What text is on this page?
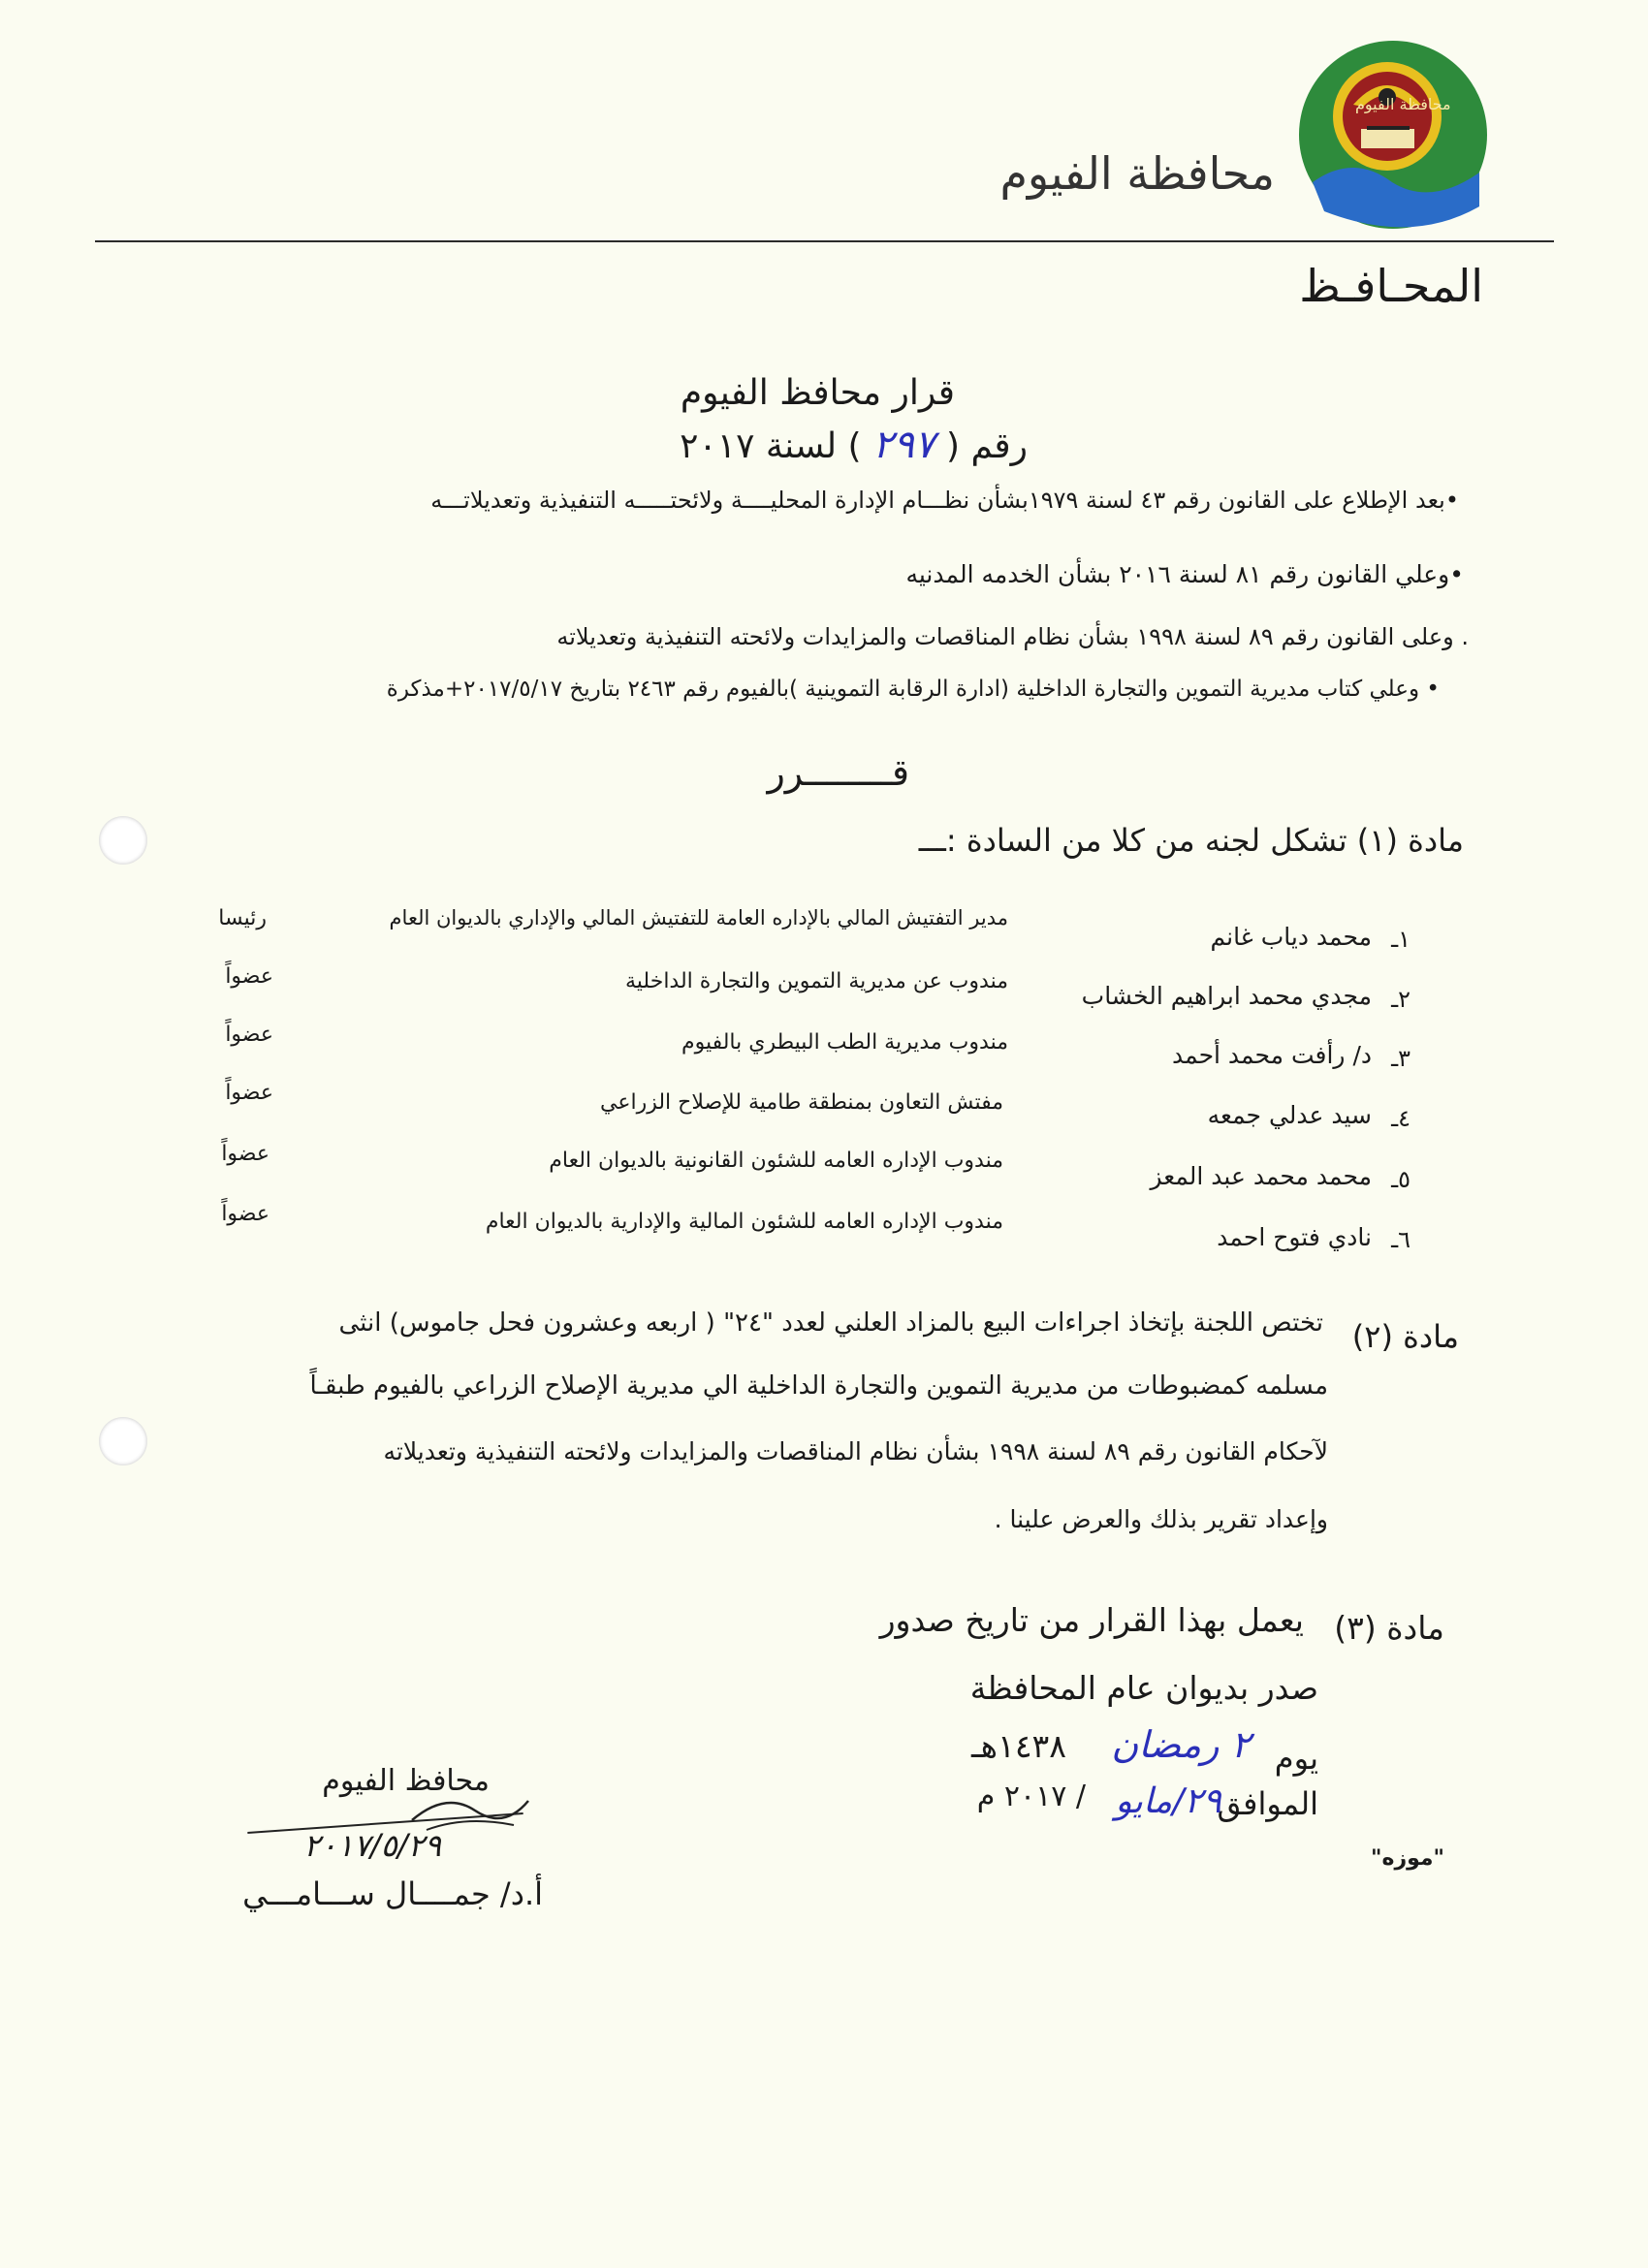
محافظة الفيوم
محافظة الفيوم
المحـافـظ
قرار محافظ الفيوم
رقم ( ٢٩٧ ) لسنة ٢٠١٧
•بعد الإطلاع على القانون رقم ٤٣ لسنة ١٩٧٩بشأن نظـــام الإدارة المحليــــة ولائحتـــــه التنفيذية وتعديلاتـــه
•وعلي القانون رقم ٨١ لسنة ٢٠١٦ بشأن الخدمه المدنيه
. وعلى القانون رقم ٨٩ لسنة ١٩٩٨ بشأن نظام المناقصات والمزايدات ولائحته التنفيذية وتعديلاته
• وعلي كتاب مديرية التموين والتجارة الداخلية (ادارة الرقابة التموينية )بالفيوم رقم ٢٤٦٣ بتاريخ ٢٠١٧/٥/١٧+مذكرة
قــــــــرر
مادة (١) تشكل لجنه من كلا من السادة :ـــ
١ـ
محمد دياب غانم
مدير التفتيش المالي بالإداره العامة للتفتيش المالي والإداري بالديوان العام
رئيسا
٢ـ
مجدي محمد ابراهيم الخشاب
مندوب عن مديرية التموين والتجارة الداخلية
عضواً
٣ـ
د/ رأفت محمد أحمد
مندوب مديرية الطب البيطري بالفيوم
عضواً
٤ـ
سيد عدلي جمعه
مفتش التعاون بمنطقة طامية للإصلاح الزراعي
عضواً
٥ـ
محمد محمد عبد المعز
مندوب الإداره العامه للشئون القانونية بالديوان العام
عضواً
٦ـ
نادي فتوح احمد
مندوب الإداره العامه للشئون المالية والإدارية بالديوان العام
عضواً
مادة (٢)
تختص اللجنة بإتخاذ اجراءات البيع بالمزاد العلني لعدد "٢٤" ( اربعه وعشرون فحل جاموس) انثى
مسلمه كمضبوطات من مديرية التموين والتجارة الداخلية الي مديرية الإصلاح الزراعي بالفيوم طبقـاً
لآحكام القانون رقم ٨٩ لسنة ١٩٩٨ بشأن نظام المناقصات والمزايدات ولائحته التنفيذية وتعديلاته
وإعداد تقرير بذلك والعرض علينا .
مادة (٣)
يعمل بهذا القرار من تاريخ صدور
صدر بديوان عام المحافظة
يوم
٢ رمضان
١٤٣٨هـ
الموافق
٢٩/مايو
/ ٢٠١٧ م
محافظ الفيوم
٢٠١٧/٥/٢٩
أ.د/ جمــــال ســـامـــي
"موزه"
